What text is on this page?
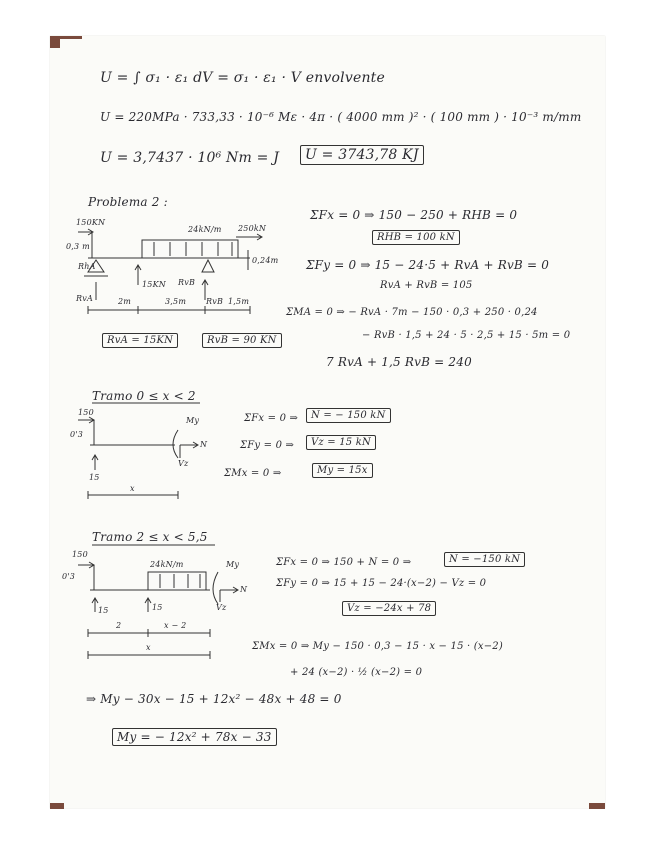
U = ∫ σ₁ · ε₁ dV = σ₁ · ε₁ · V envolvente
U = 220MPa · 733,33 · 10⁻⁶ Mε · 4π · ( 4000 mm )² · ( 100 mm ) · 10⁻³ m/mm
U = 3,7437 · 10⁶ Nm = J	U = 3743,78 KJ
Problema 2 :
150KN
24kN/m 250kN
0,3 m
0,24m
15KN RvB
RhA
RvA	RvB
2m	3,5m	1,5m
RvA = 15KN	RvB = 90 KN
ΣFx = 0 ⇒ 150 − 250 + RHB = 0
RHB = 100 kN
ΣFy = 0 ⇒ 15 − 24·5 + RvA + RvB = 0
RvA + RvB = 105
ΣMA = 0 ⇒ − RvA · 7m − 150 · 0,3 + 250 · 0,24
− RvB · 1,5 + 24 · 5 · 2,5 + 15 · 5m = 0
7 RvA + 1,5 RvB = 240
Tramo 0 ≤ x < 2
150
0'3
15
My
Vz
N
x
ΣFx = 0 ⇒	N = − 150 kN
ΣFy = 0 ⇒	Vz = 15 kN
ΣMx = 0 ⇒	My = 15x
Tramo 2 ≤ x < 5,5
150
0'3
24kN/m	My
15	15	Vz
N
2	x − 2
x
ΣFx = 0 ⇒ 150 + N = 0 ⇒	N = −150 kN
ΣFy = 0 ⇒ 15 + 15 − 24·(x−2) − Vz = 0
Vz = −24x + 78
ΣMx = 0 ⇒ My − 150 · 0,3 − 15 · x − 15 · (x−2)
+ 24 (x−2) · ½ (x−2) = 0
⇒ My − 30x − 15 + 12x² − 48x + 48 = 0
My = − 12x² + 78x − 33
